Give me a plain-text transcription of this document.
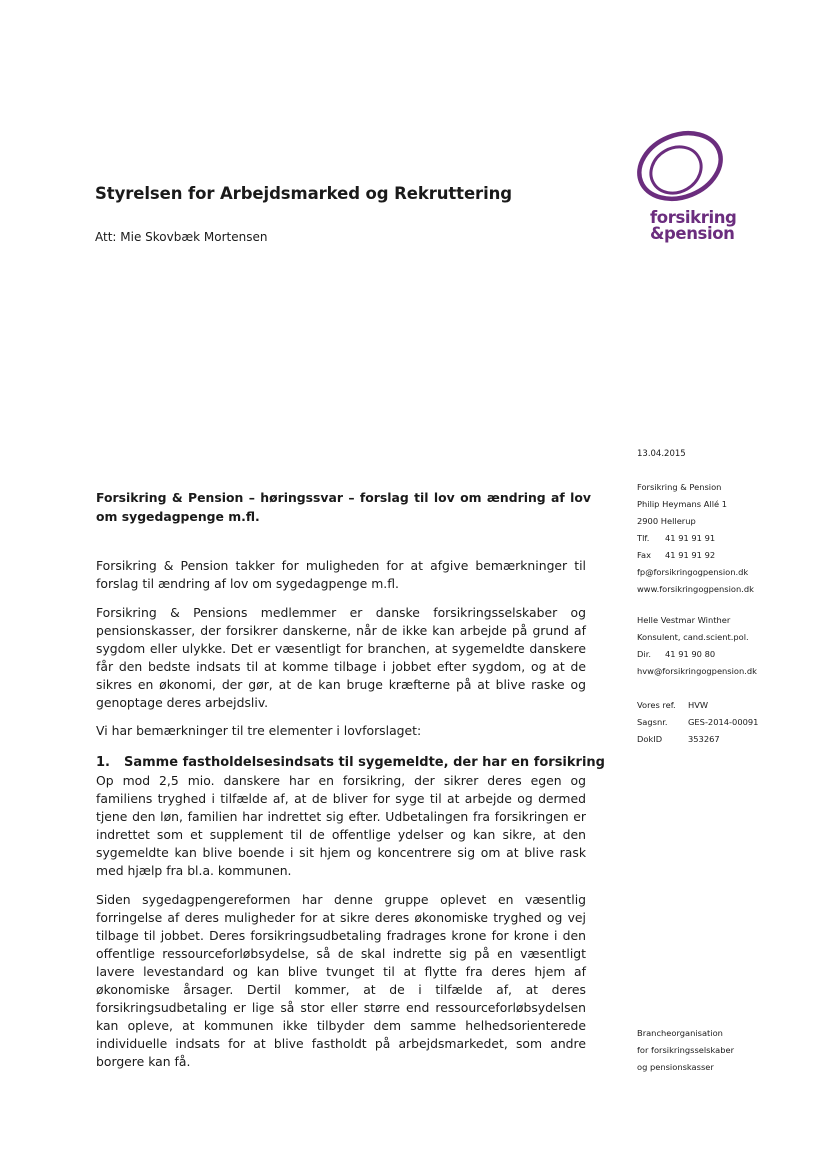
Styrelsen for Arbejdsmarked og Rekruttering
Att: Mie Skovbæk Mortensen
forsikring
&pension
13.04.2015
Forsikring & Pension – høringssvar – forslag til lov om ændring af lov om sygedagpenge m.fl.
Forsikring & Pension takker for muligheden for at afgive bemærkninger til forslag til ændring af lov om sygedagpenge m.fl.
Forsikring & Pensions medlemmer er danske forsikringsselskaber og pensionskasser, der forsikrer danskerne, når de ikke kan arbejde på grund af sygdom eller ulykke. Det er væsentligt for branchen, at sygemeldte danskere får den bedste indsats til at komme tilbage i jobbet efter sygdom, og at de sikres en økonomi, der gør, at de kan bruge kræfterne på at blive raske og genoptage deres arbejdsliv.
Vi har bemærkninger til tre elementer i lovforslaget:
1. Samme fastholdelsesindsats til sygemeldte, der har en forsikring
Op mod 2,5 mio. danskere har en forsikring, der sikrer deres egen og familiens tryghed i tilfælde af, at de bliver for syge til at arbejde og dermed tjene den løn, familien har indrettet sig efter. Udbetalingen fra forsikringen er indrettet som et supplement til de offentlige ydelser og kan sikre, at den sygemeldte kan blive boende i sit hjem og koncentrere sig om at blive rask med hjælp fra bl.a. kommunen.
Siden sygedagpengereformen har denne gruppe oplevet en væsentlig forringelse af deres muligheder for at sikre deres økonomiske tryghed og vej tilbage til jobbet. Deres forsikringsudbetaling fradrages krone for krone i den offentlige ressourceforløbsydelse, så de skal indrette sig på en væsentligt lavere levestandard og kan blive tvunget til at flytte fra deres hjem af økonomiske årsager. Dertil kommer, at de i tilfælde af, at deres forsikringsudbetaling er lige så stor eller større end ressourceforløbsydelsen kan opleve, at kommunen ikke tilbyder dem samme helhedsorienterede individuelle indsats for at blive fastholdt på arbejdsmarkedet, som andre borgere kan få.
Forsikring & Pension
Philip Heymans Allé 1
2900 Hellerup
Tlf.	41 91 91 91
Fax	41 91 91 92
fp@forsikringogpension.dk
www.forsikringogpension.dk
Helle Vestmar Winther
Konsulent, cand.scient.pol.
Dir.	41 91 90 80
hvw@forsikringogpension.dk
Vores ref.	HVW
Sagsnr.	GES-2014-00091
DokID	353267
Brancheorganisation
for forsikringsselskaber
og pensionskasser
